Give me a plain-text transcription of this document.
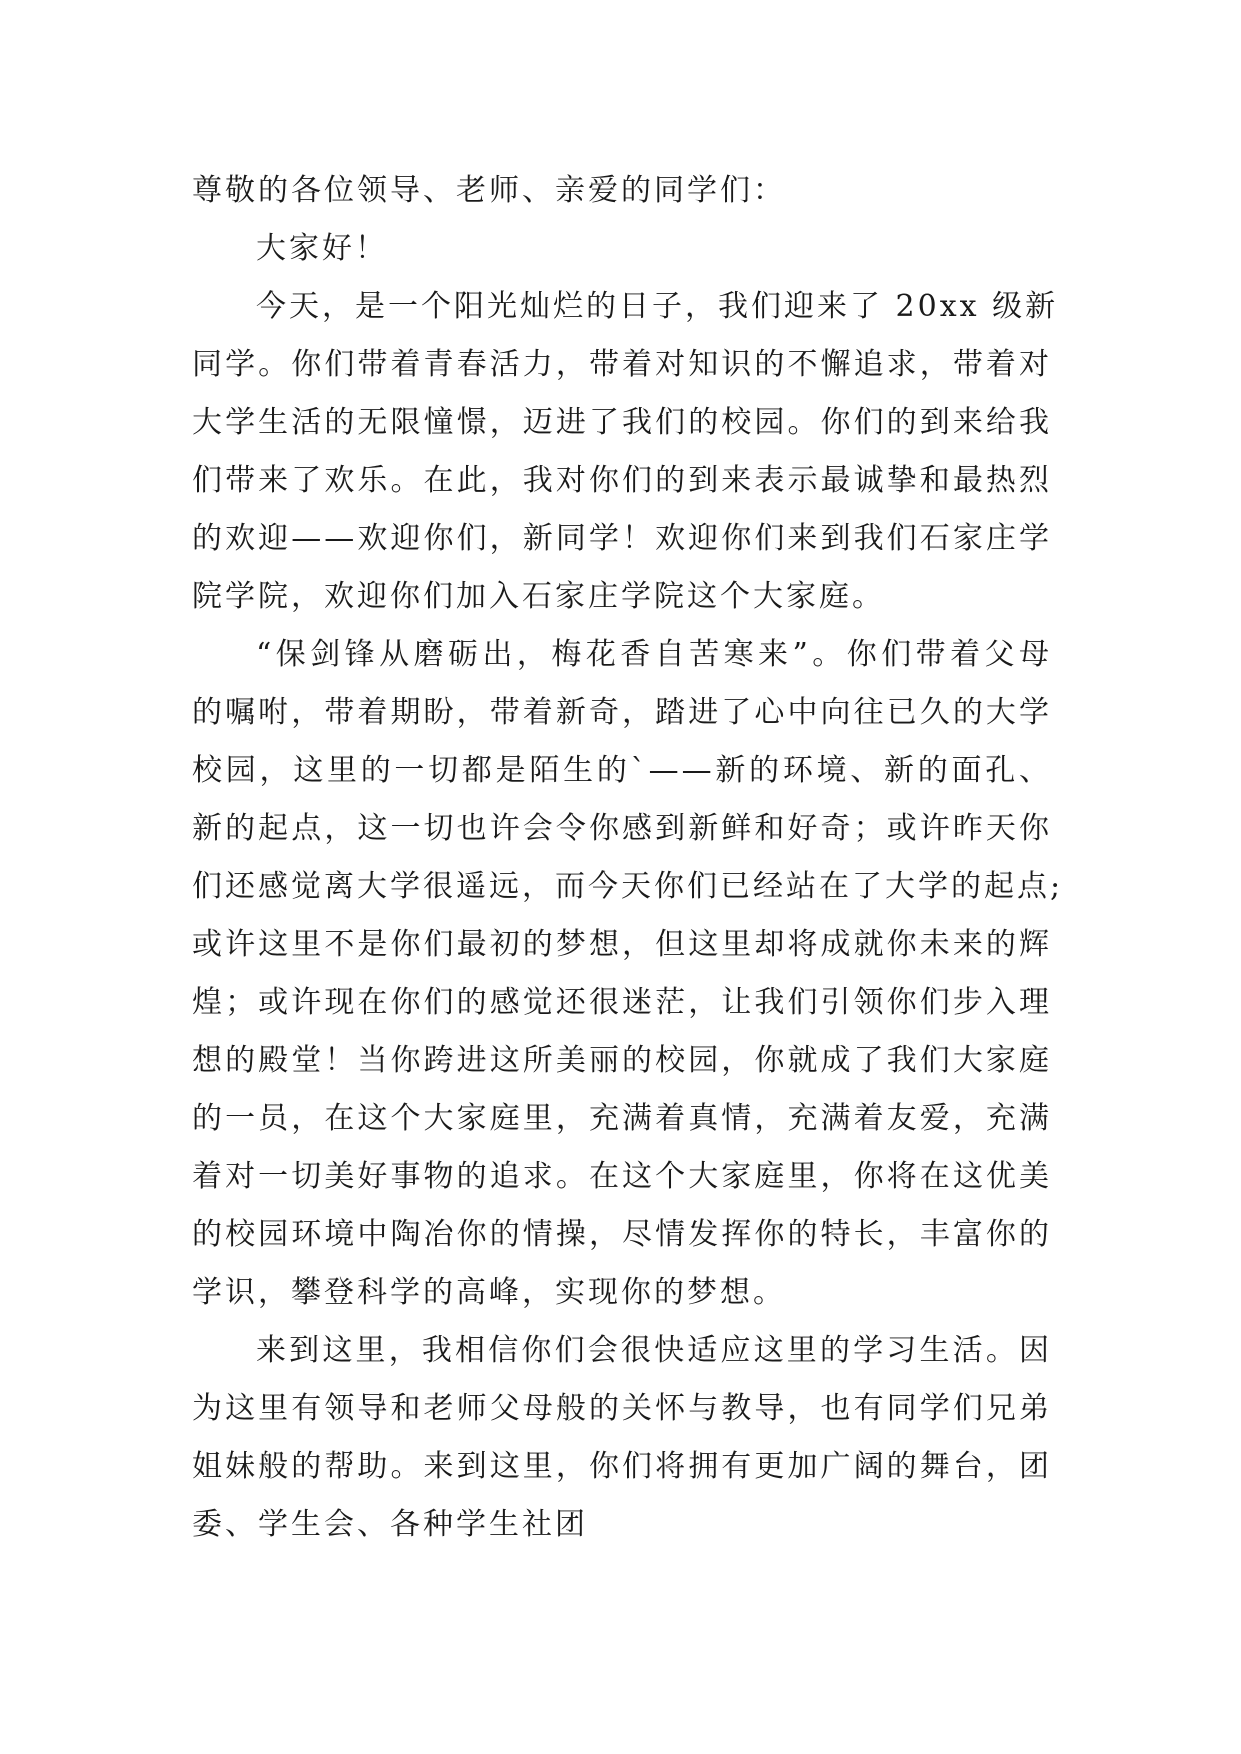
尊敬的各位领导、老师、亲爱的同学们：
大家好！
今天，是一个阳光灿烂的日子，我们迎来了 20xx 级新
同学。你们带着青春活力，带着对知识的不懈追求，带着对
大学生活的无限憧憬，迈进了我们的校园。你们的到来给我
们带来了欢乐。在此，我对你们的到来表示最诚挚和最热烈
的欢迎——欢迎你们，新同学！欢迎你们来到我们石家庄学
院学院，欢迎你们加入石家庄学院这个大家庭。
“保剑锋从磨砺出，梅花香自苦寒来”。你们带着父母
的嘱咐，带着期盼，带着新奇，踏进了心中向往已久的大学
校园，这里的一切都是陌生的`——新的环境、新的面孔、
新的起点，这一切也许会令你感到新鲜和好奇；或许昨天你
们还感觉离大学很遥远，而今天你们已经站在了大学的起点;
或许这里不是你们最初的梦想，但这里却将成就你未来的辉
煌；或许现在你们的感觉还很迷茫，让我们引领你们步入理
想的殿堂！当你跨进这所美丽的校园，你就成了我们大家庭
的一员，在这个大家庭里，充满着真情，充满着友爱，充满
着对一切美好事物的追求。在这个大家庭里，你将在这优美
的校园环境中陶冶你的情操，尽情发挥你的特长，丰富你的
学识，攀登科学的高峰，实现你的梦想。
来到这里，我相信你们会很快适应这里的学习生活。因
为这里有领导和老师父母般的关怀与教导，也有同学们兄弟
姐妹般的帮助。来到这里，你们将拥有更加广阔的舞台，团
委、学生会、各种学生社团
